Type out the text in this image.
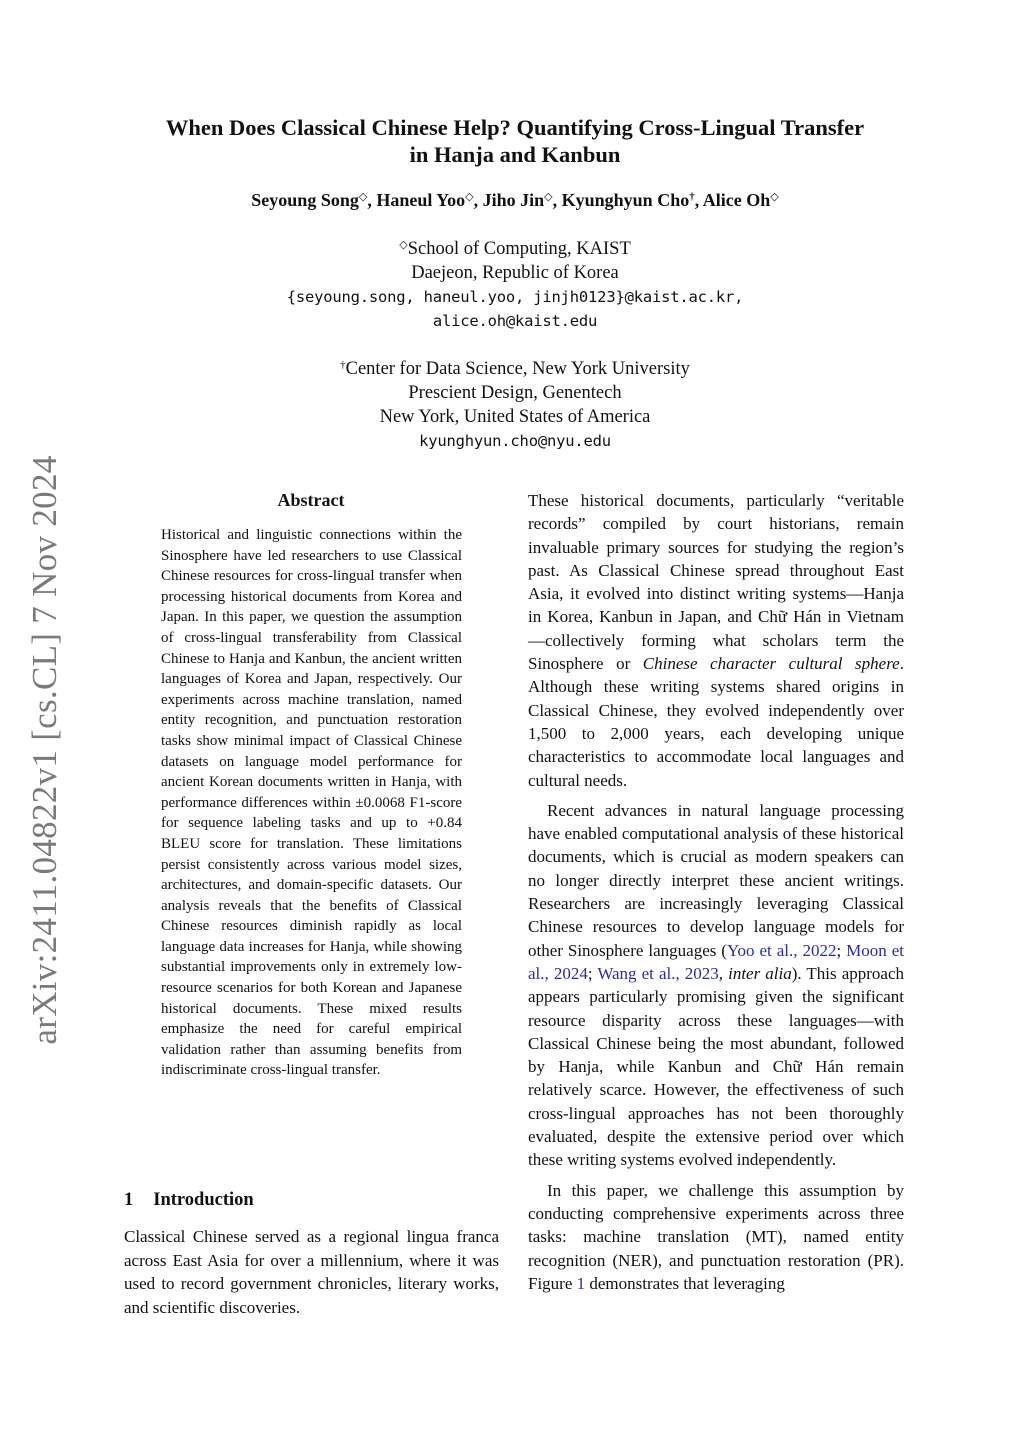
arXiv:2411.04822v1 [cs.CL] 7 Nov 2024
When Does Classical Chinese Help? Quantifying Cross-Lingual Transfer
in Hanja and Kanbun
Seyoung Song◇, Haneul Yoo◇, Jiho Jin◇, Kyunghyun Cho†, Alice Oh◇
◇School of Computing, KAIST
Daejeon, Republic of Korea
{seyoung.song, haneul.yoo, jinjh0123}@kaist.ac.kr,
alice.oh@kaist.edu
†Center for Data Science, New York University
Prescient Design, Genentech
New York, United States of America
kyunghyun.cho@nyu.edu
Abstract
Historical and linguistic connections within the Sinosphere have led researchers to use Classical Chinese resources for cross-lingual transfer when processing historical documents from Korea and Japan. In this paper, we question the assumption of cross-lingual transferability from Classical Chinese to Hanja and Kanbun, the ancient written languages of Korea and Japan, respectively. Our experiments across machine translation, named entity recognition, and punctuation restoration tasks show minimal impact of Classical Chinese datasets on language model performance for ancient Korean documents written in Hanja, with performance differences within ±0.0068 F1-score for sequence labeling tasks and up to +0.84 BLEU score for translation. These limitations persist consistently across various model sizes, architectures, and domain-specific datasets. Our analysis reveals that the benefits of Classical Chinese resources diminish rapidly as local language data increases for Hanja, while showing substantial improvements only in extremely low-resource scenarios for both Korean and Japanese historical documents. These mixed results emphasize the need for careful empirical validation rather than assuming benefits from indiscriminate cross-lingual transfer.
1 Introduction
Classical Chinese served as a regional lingua franca across East Asia for over a millennium, where it was used to record government chronicles, literary works, and scientific discoveries.

These historical documents, particularly “veritable records” compiled by court historians, remain invaluable primary sources for studying the region’s past. As Classical Chinese spread throughout East Asia, it evolved into distinct writing systems—Hanja in Korea, Kanbun in Japan, and Chữ Hán in Vietnam—collectively forming what scholars term the Sinosphere or Chinese character cultural sphere. Although these writing systems shared origins in Classical Chinese, they evolved independently over 1,500 to 2,000 years, each developing unique characteristics to accommodate local languages and cultural needs.

Recent advances in natural language processing have enabled computational analysis of these historical documents, which is crucial as modern speakers can no longer directly interpret these ancient writings. Researchers are increasingly leveraging Classical Chinese resources to develop language models for other Sinosphere languages (Yoo et al., 2022; Moon et al., 2024; Wang et al., 2023, inter alia). This approach appears particularly promising given the significant resource disparity across these languages—with Classical Chinese being the most abundant, followed by Hanja, while Kanbun and Chữ Hán remain relatively scarce. However, the effectiveness of such cross-lingual approaches has not been thoroughly evaluated, despite the extensive period over which these writing systems evolved independently.

In this paper, we challenge this assumption by conducting comprehensive experiments across three tasks: machine translation (MT), named entity recognition (NER), and punctuation restoration (PR). Figure 1 demonstrates that leveraging
